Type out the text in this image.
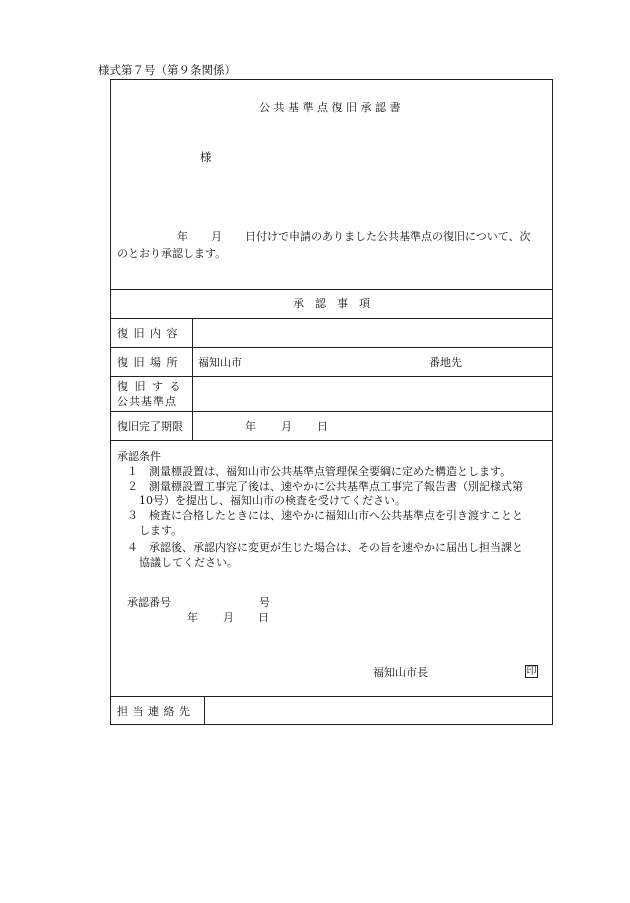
様式第７号（第９条関係）
公共基準点復旧承認書
様
年 月 日付けで申請のありました公共基準点の復旧について、次
のとおり承認します。
承　認　事　項
復旧内容
復旧場所 福知山市	番地先
復旧する
公共基準点
復旧完了期限	年 月 日
承認条件
１　測量標設置は、福知山市公共基準点管理保全要綱に定めた構造とします。
２　測量標設置工事完了後は、速やかに公共基準点工事完了報告書（別記様式第
10号）を提出し、福知山市の検査を受けてください。
３　検査に合格したときには、速やかに福知山市へ公共基準点を引き渡すことと
します。
４　承認後、承認内容に変更が生じた場合は、その旨を速やかに届出し担当課と
協議してください。
承認番号	号
年 月 日
福知山市長	印
担当連絡先
